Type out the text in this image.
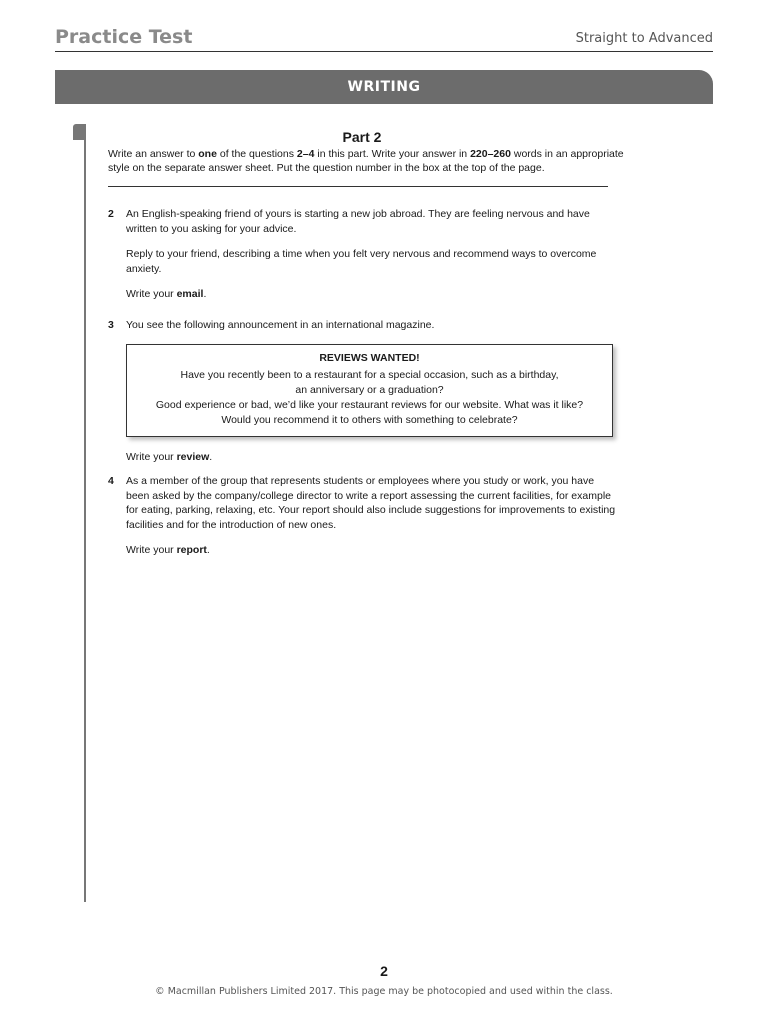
Practice Test	Straight to Advanced
WRITING
Part 2
Write an answer to one of the questions 2–4 in this part. Write your answer in 220–260 words in an appropriate style on the separate answer sheet. Put the question number in the box at the top of the page.
2 An English-speaking friend of yours is starting a new job abroad. They are feeling nervous and have written to you asking for your advice.

Reply to your friend, describing a time when you felt very nervous and recommend ways to overcome anxiety.

Write your email.

3 You see the following announcement in an international magazine.

REVIEWS WANTED!
Have you recently been to a restaurant for a special occasion, such as a birthday,
an anniversary or a graduation?
Good experience or bad, we’d like your restaurant reviews for our website. What was it like?
Would you recommend it to others with something to celebrate?

Write your review.

4 As a member of the group that represents students or employees where you study or work, you have been asked by the company/college director to write a report assessing the current facilities, for example for eating, parking, relaxing, etc. Your report should also include suggestions for improvements to existing facilities and for the introduction of new ones.

Write your report.

2
© Macmillan Publishers Limited 2017. This page may be photocopied and used within the class.
